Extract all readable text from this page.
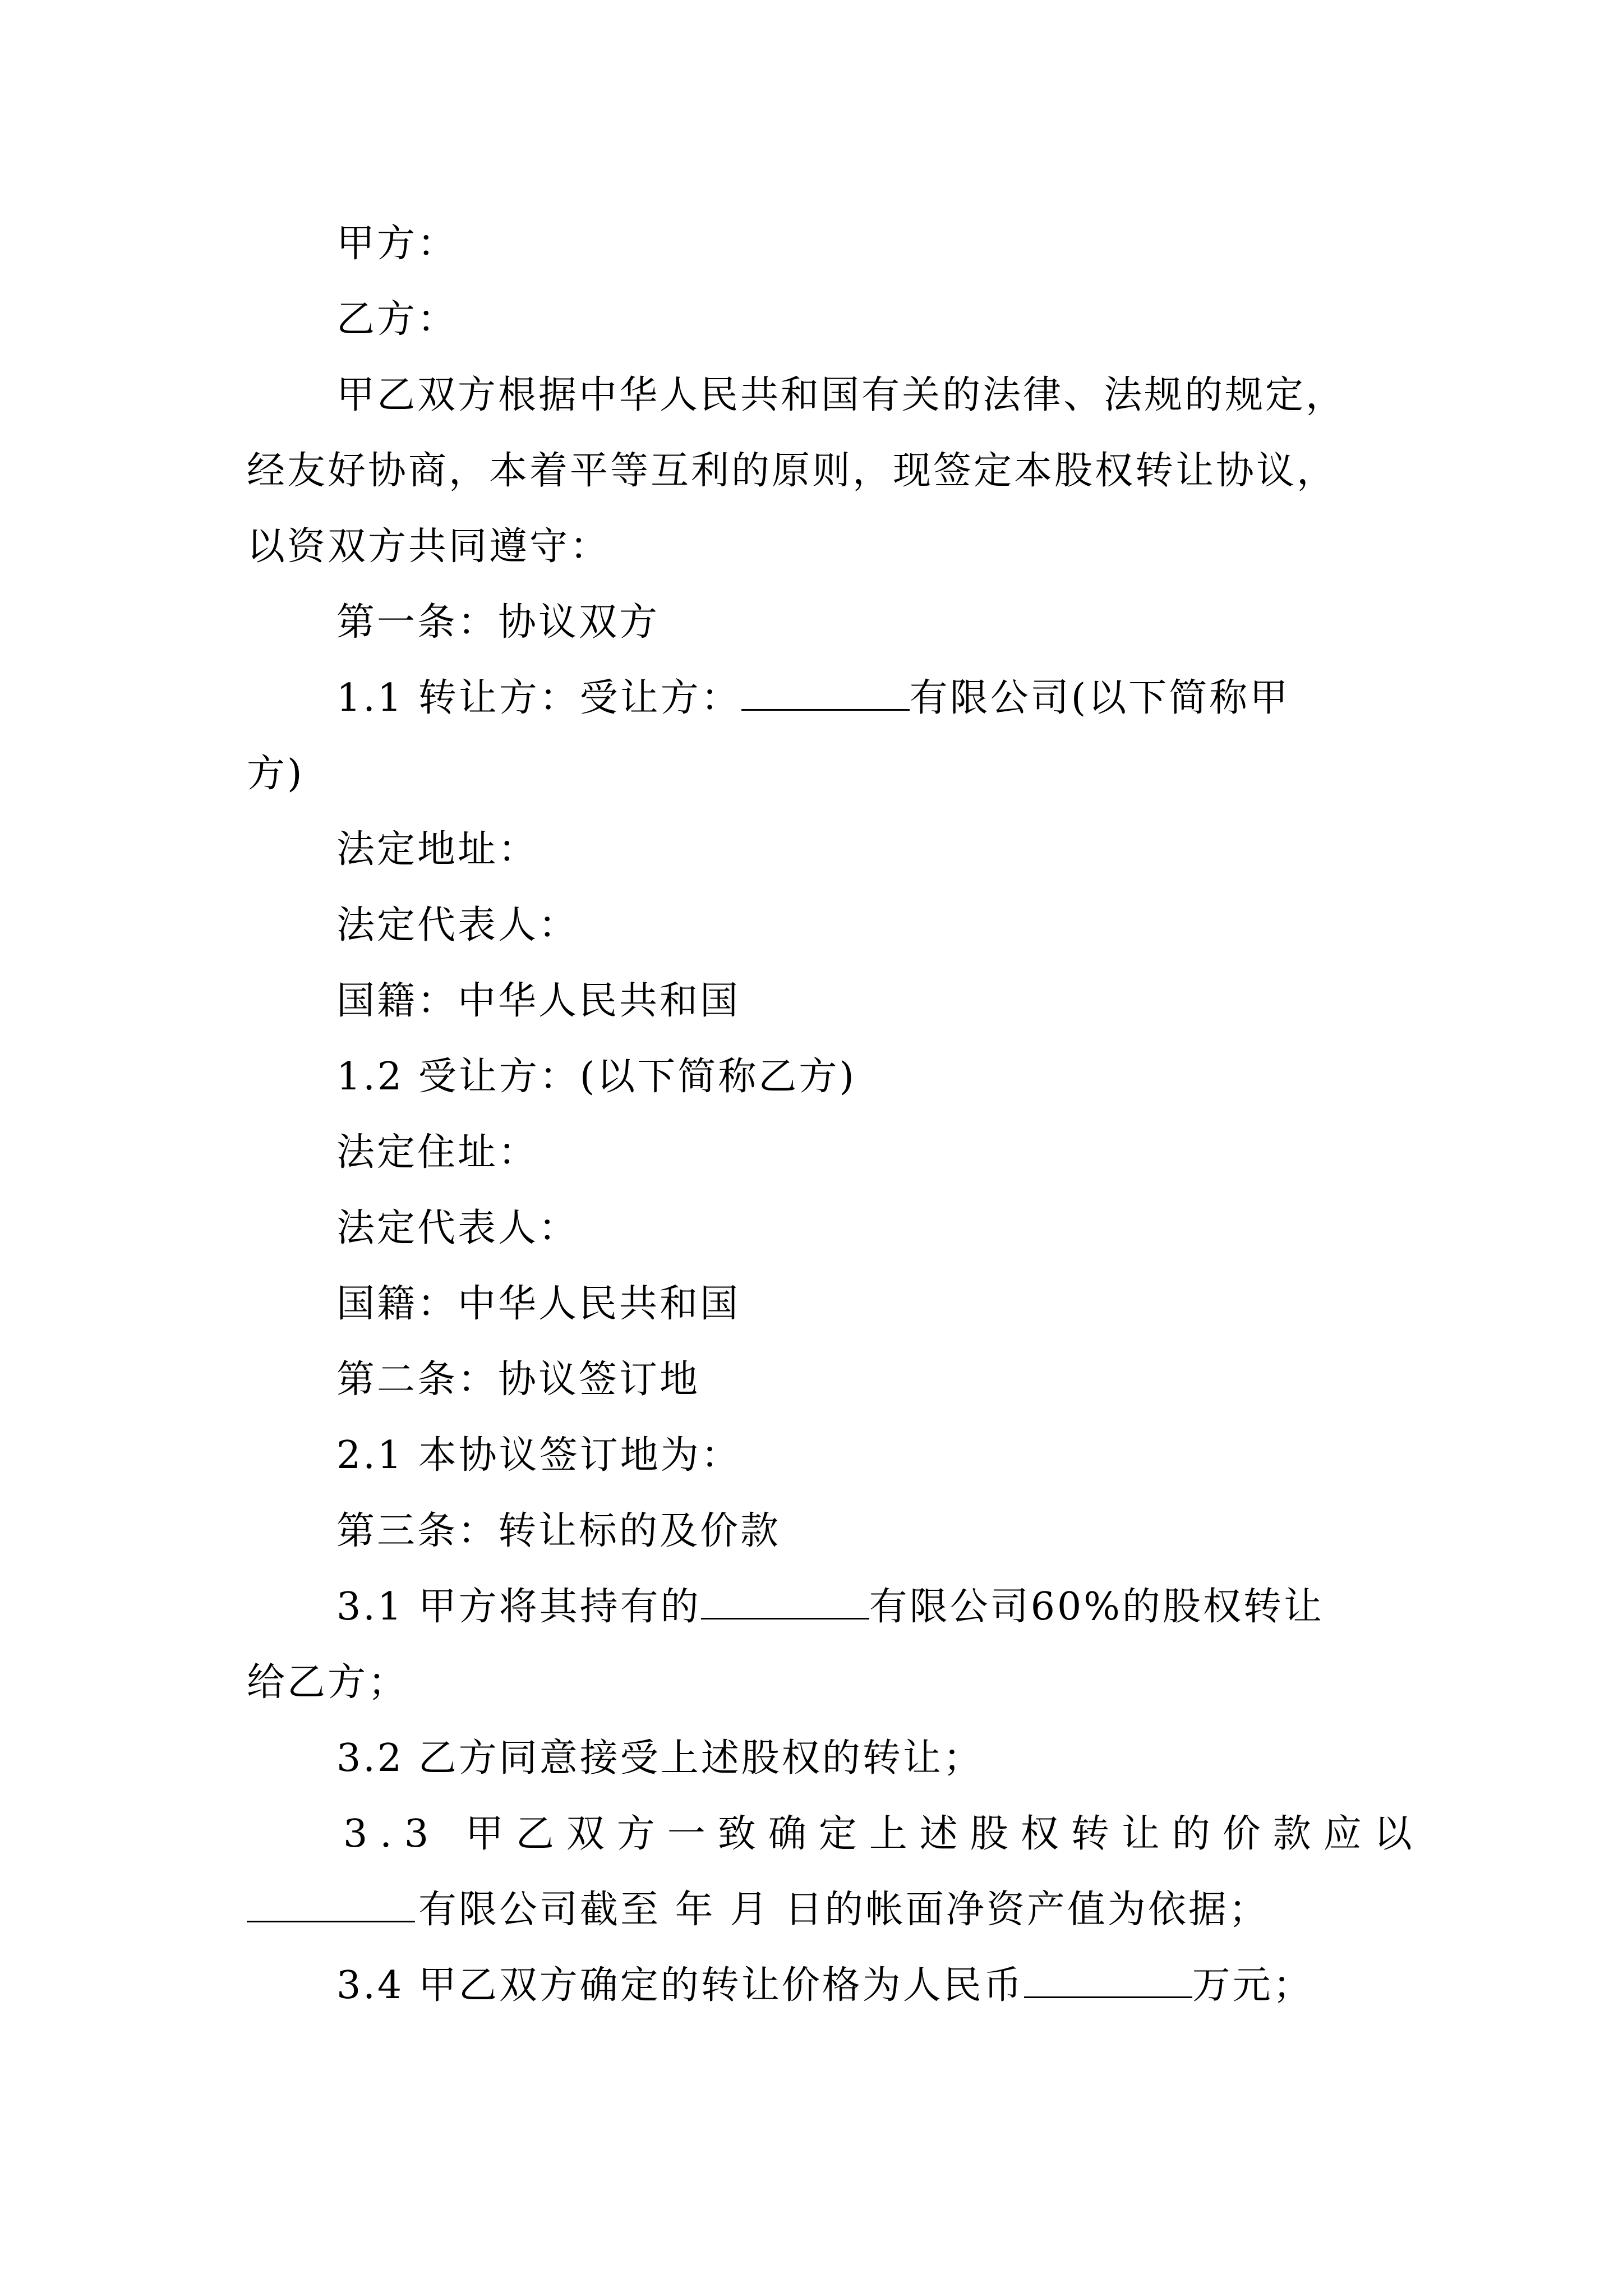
甲方：

乙方：

甲乙双方根据中华人民共和国有关的法律、法规的规定，

经友好协商，本着平等互利的原则，现签定本股权转让协议，

以资双方共同遵守：

第一条：协议双方

1.1 转让方：受让方：	有限公司(以下简称甲

方)

法定地址：

法定代表人：

国籍：中华人民共和国

1.2 受让方：(以下简称乙方)

法定住址：

法定代表人：

国籍：中华人民共和国

第二条：协议签订地

2.1 本协议签订地为：

第三条：转让标的及价款

3.1 甲方将其持有的	有限公司60%的股权转让

给乙方；

3.2 乙方同意接受上述股权的转让；

3.3 甲乙双方一致确定上述股权转让的价款应以

有限公司截至 年 月 日的帐面净资产值为依据；

3.4 甲乙双方确定的转让价格为人民币	万元；
